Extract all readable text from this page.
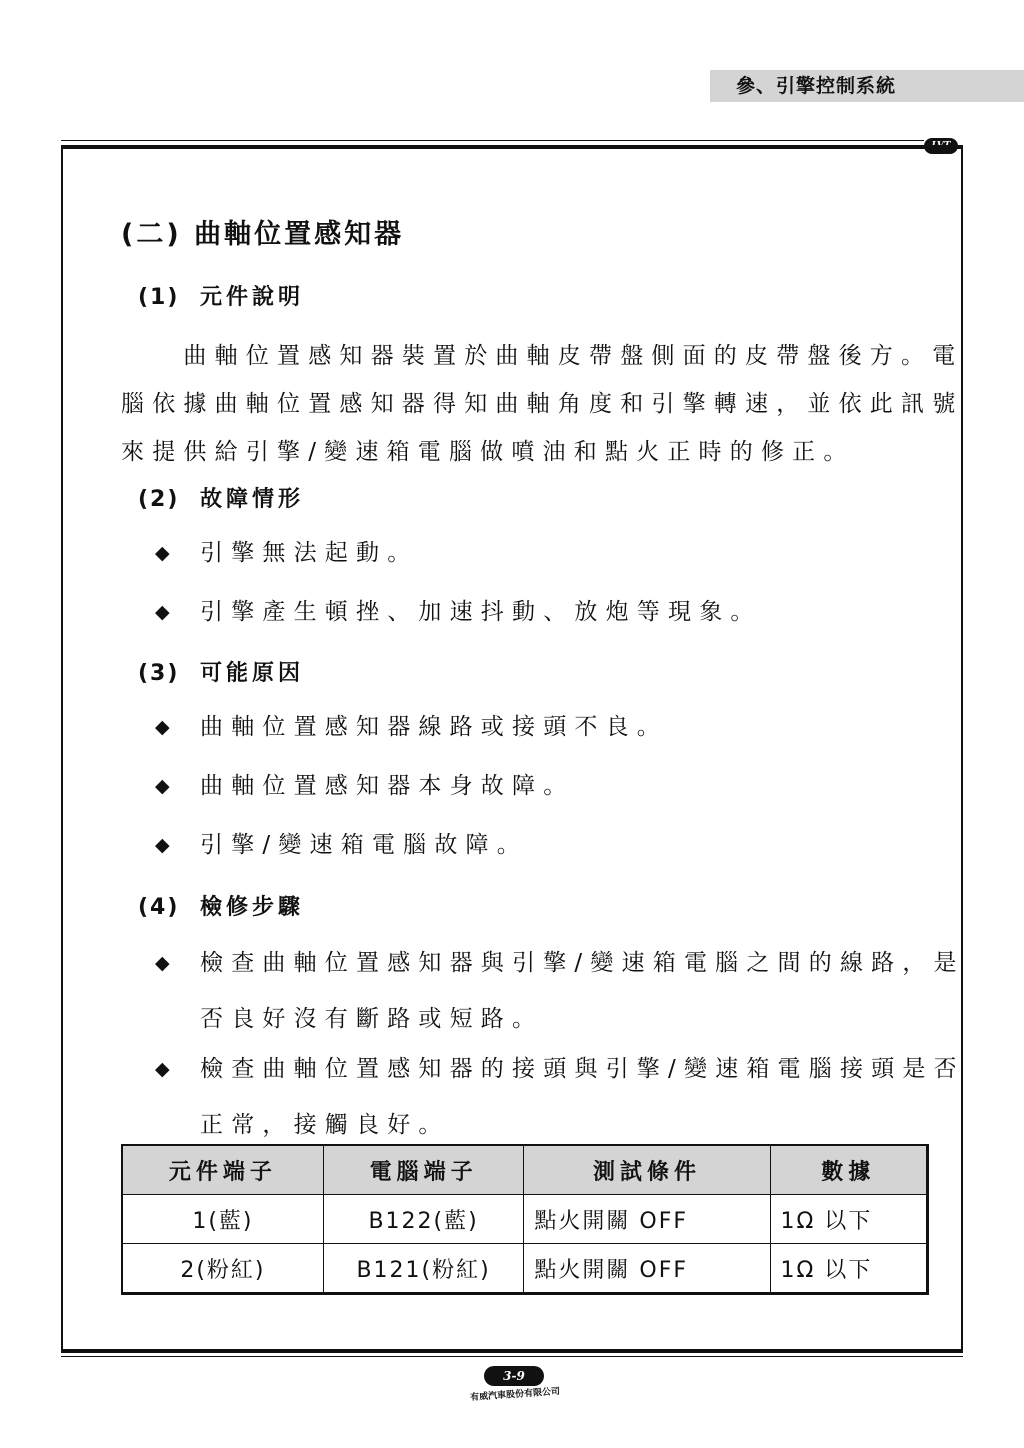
參、引擎控制系統
LVT
(二) 曲軸位置感知器
(1) 元件說明
　　曲軸位置感知器裝置於曲軸皮帶盤側面的皮帶盤後方。電
腦依據曲軸位置感知器得知曲軸角度和引擎轉速，並依此訊號
來提供給引擎/變速箱電腦做噴油和點火正時的修正。
(2) 故障情形
◆ 引擎無法起動。
◆ 引擎產生頓挫、加速抖動、放炮等現象。
(3) 可能原因
◆ 曲軸位置感知器線路或接頭不良。
◆ 曲軸位置感知器本身故障。
◆ 引擎/變速箱電腦故障。
(4) 檢修步驟
◆ 檢查曲軸位置感知器與引擎/變速箱電腦之間的線路，是
否良好沒有斷路或短路。
◆ 檢查曲軸位置感知器的接頭與引擎/變速箱電腦接頭是否
正常，接觸良好。
元件端子	電腦端子	測試條件	數據
1(藍)	B122(藍)	點火開關 OFF	1Ω 以下
2(粉紅)	B121(粉紅)	點火開關 OFF	1Ω 以下
3-9
有威汽車股份有限公司
